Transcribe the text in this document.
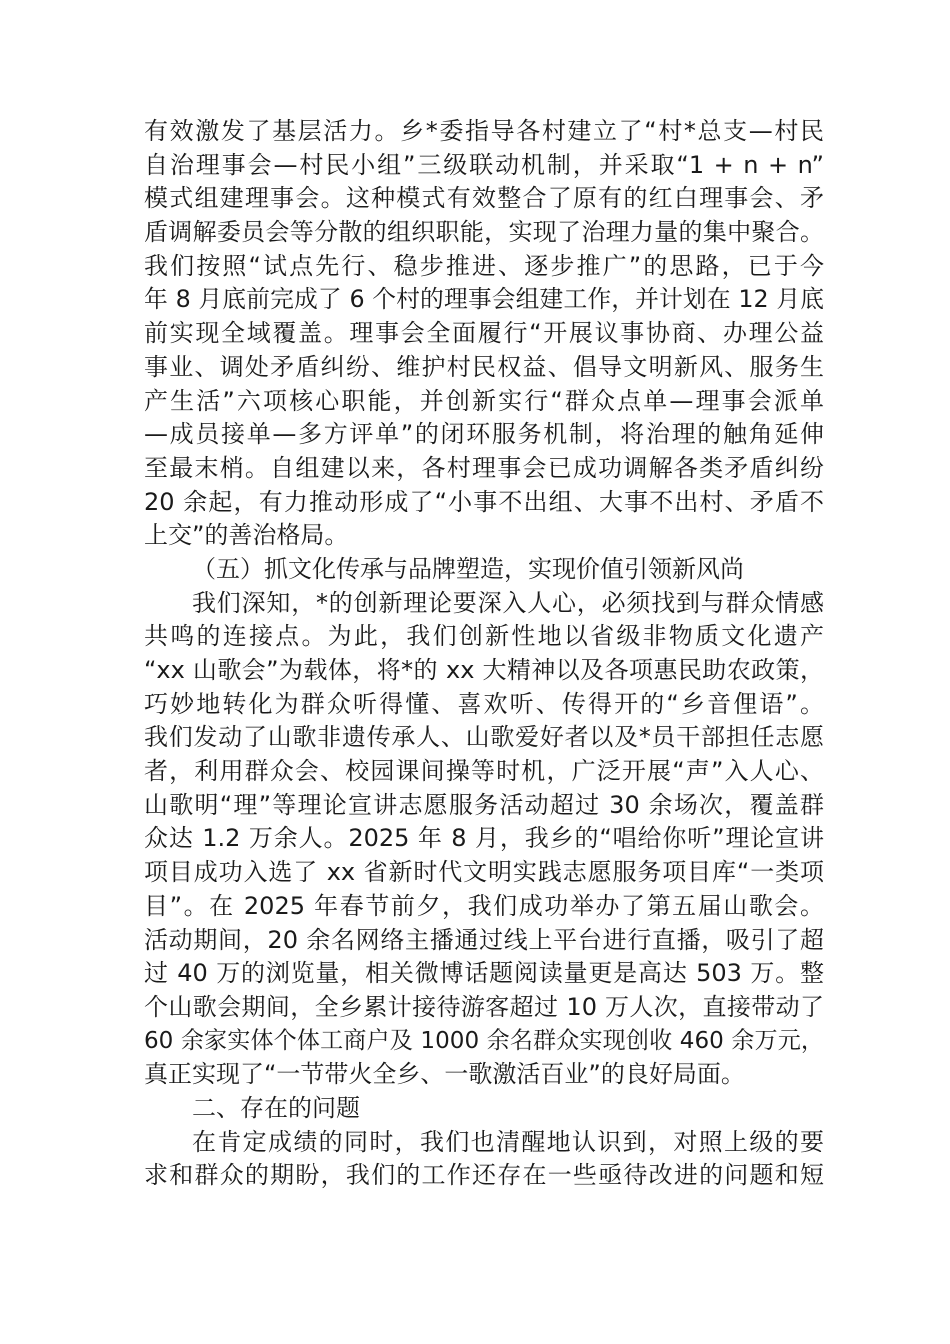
有效激发了基层活力。乡*委指导各村建立了“村*总支—村民
自治理事会—村民小组”三级联动机制，并采取“1 + n + n”
模式组建理事会。这种模式有效整合了原有的红白理事会、矛
盾调解委员会等分散的组织职能，实现了治理力量的集中聚合。
我们按照“试点先行、稳步推进、逐步推广”的思路，已于今
年 8 月底前完成了 6 个村的理事会组建工作，并计划在 12 月底
前实现全域覆盖。理事会全面履行“开展议事协商、办理公益
事业、调处矛盾纠纷、维护村民权益、倡导文明新风、服务生
产生活”六项核心职能，并创新实行“群众点单—理事会派单
—成员接单—多方评单”的闭环服务机制，将治理的触角延伸
至最末梢。自组建以来，各村理事会已成功调解各类矛盾纠纷
20 余起，有力推动形成了“小事不出组、大事不出村、矛盾不
上交”的善治格局。
（五）抓文化传承与品牌塑造，实现价值引领新风尚
我们深知，*的创新理论要深入人心，必须找到与群众情感
共鸣的连接点。为此，我们创新性地以省级非物质文化遗产
“xx 山歌会”为载体，将*的 xx 大精神以及各项惠民助农政策，
巧妙地转化为群众听得懂、喜欢听、传得开的“乡音俚语”。
我们发动了山歌非遗传承人、山歌爱好者以及*员干部担任志愿
者，利用群众会、校园课间操等时机，广泛开展“声”入人心、
山歌明“理”等理论宣讲志愿服务活动超过 30 余场次，覆盖群
众达 1.2 万余人。2025 年 8 月，我乡的“唱给你听”理论宣讲
项目成功入选了 xx 省新时代文明实践志愿服务项目库“一类项
目”。在 2025 年春节前夕，我们成功举办了第五届山歌会。
活动期间，20 余名网络主播通过线上平台进行直播，吸引了超
过 40 万的浏览量，相关微博话题阅读量更是高达 503 万。整
个山歌会期间，全乡累计接待游客超过 10 万人次，直接带动了
60 余家实体个体工商户及 1000 余名群众实现创收 460 余万元，
真正实现了“一节带火全乡、一歌激活百业”的良好局面。
二、存在的问题
在肯定成绩的同时，我们也清醒地认识到，对照上级的要
求和群众的期盼，我们的工作还存在一些亟待改进的问题和短
